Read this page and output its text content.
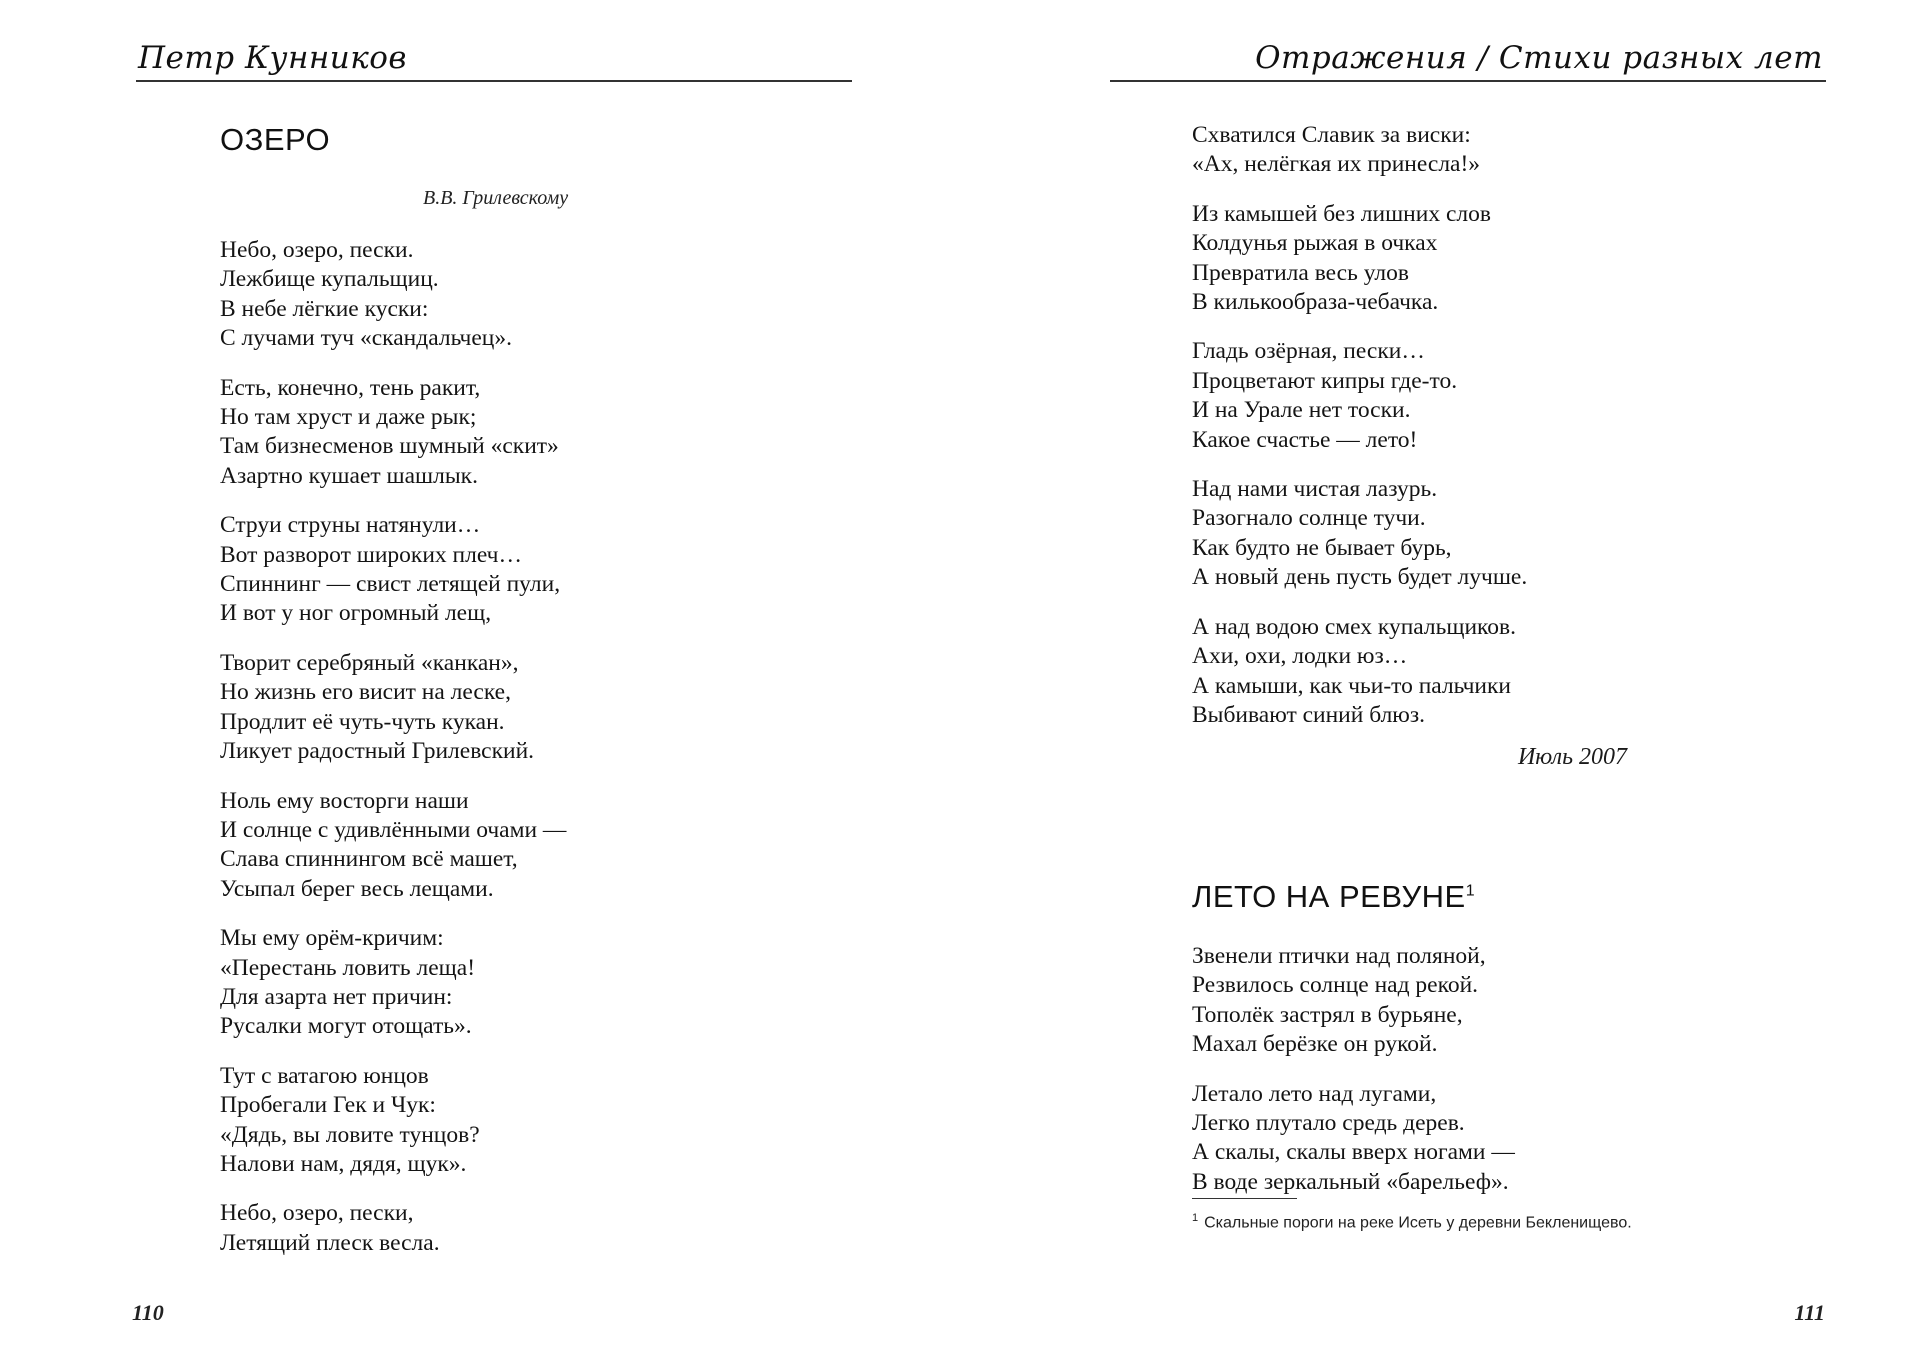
Петр Кунников
ОЗЕРО
В.В. Грилевскому
Небо, озеро, пески.
Лежбище купальщиц.
В небе лёгкие куски:
С лучами туч «скандальчец».
Есть, конечно, тень ракит,
Но там хруст и даже рык;
Там бизнесменов шумный «скит»
Азартно кушает шашлык.
Струи струны натянули…
Вот разворот широких плеч…
Спиннинг — свист летящей пули,
И вот у ног огромный лещ,
Творит серебряный «канкан»,
Но жизнь его висит на леске,
Продлит её чуть-чуть кукан.
Ликует радостный Грилевский.
Ноль ему восторги наши
И солнце с удивлёнными очами —
Слава спиннингом всё машет,
Усыпал берег весь лещами.
Мы ему орём-кричим:
«Перестань ловить леща!
Для азарта нет причин:
Русалки могут отощать».
Тут с ватагою юнцов
Пробегали Гек и Чук:
«Дядь, вы ловите тунцов?
Налови нам, дядя, щук».
Небо, озеро, пески,
Летящий плеск весла.
110
Отражения / Стихи разных лет
Схватился Славик за виски:
«Ах, нелёгкая их принесла!»
Из камышей без лишних слов
Колдунья рыжая в очках
Превратила весь улов
В килькообраза-чебачка.
Гладь озёрная, пески…
Процветают кипры где-то.
И на Урале нет тоски.
Какое счастье — лето!
Над нами чистая лазурь.
Разогнало солнце тучи.
Как будто не бывает бурь,
А новый день пусть будет лучше.
А над водою смех купальщиков.
Ахи, охи, лодки юз…
А камыши, как чьи-то пальчики
Выбивают синий блюз.
Июль 2007
ЛЕТО НА РЕВУНЕ$^1$
Звенели птички над поляной,
Резвилось солнце над рекой.
Тополёк застрял в бурьяне,
Махал берёзке он рукой.
Летало лето над лугами,
Легко плутало средь дерев.
А скалы, скалы вверх ногами —
В воде зеркальный «барельеф».
$^1$ Скальные пороги на реке Исеть у деревни Бекленищево.
111
